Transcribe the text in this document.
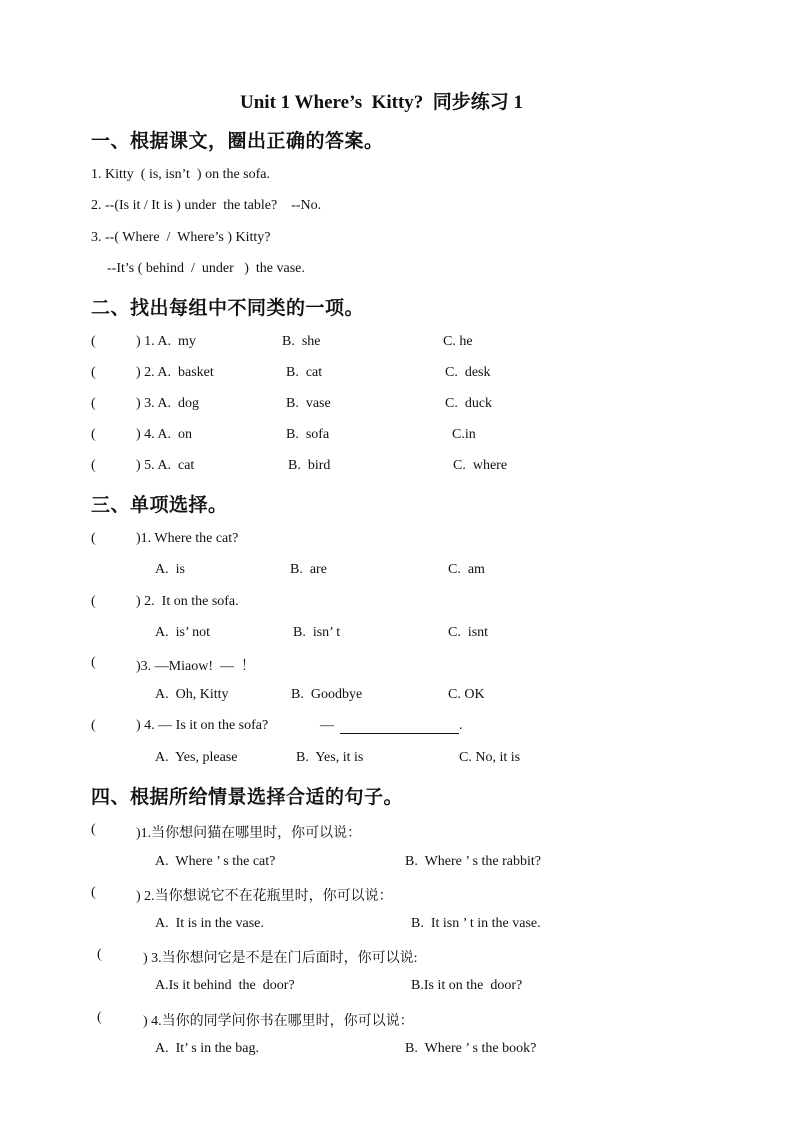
Unit 1 Where’s  Kitty?  同步练习 1
一、根据课文，圈出正确的答案。
1. Kitty  ( is, isn’t  ) on the sofa.
2. --(Is it / It is ) under  the table?    --No.
3. --( Where  /  Where’s ) Kitty?
--It’s ( behind  /  under   )  the vase.
二、找出每组中不同类的一项。
(	) 1. A.  my	B.  she	C. he
(	) 2. A.  basket	B.  cat	C.  desk
(	) 3. A.  dog	B.  vase	C.  duck
(	) 4. A.  on	B.  sofa	C.in
(	) 5. A.  cat	B.  bird	C.  where
三、单项选择。
(	)1. Where the cat?
A.  is	B.  are	C.  am
(	) 2.  It on the sofa.
A.  is’ not	B.  isn’ t	C.  isnt
(	)3. —Miaow!  —  ！
A.  Oh, Kitty	B.  Goodbye	C. OK
(	) 4. — Is it on the sofa?	—	.
A.  Yes, please	B.  Yes, it is	C. No, it is
四、根据所给情景选择合适的句子。
(	)1.当你想问猫在哪里时，你可以说：
A.  Where ’ s the cat?	B.  Where ’ s the rabbit?
(	) 2.当你想说它不在花瓶里时，你可以说：
A.  It is in the vase.	B.  It isn ’ t in the vase.
(	) 3.当你想问它是不是在门后面时，你可以说:
A.Is it behind  the  door?	B.Is it on the  door?
(	) 4.当你的同学问你书在哪里时，你可以说：
A.  It’ s in the bag.	B.  Where ’ s the book?
